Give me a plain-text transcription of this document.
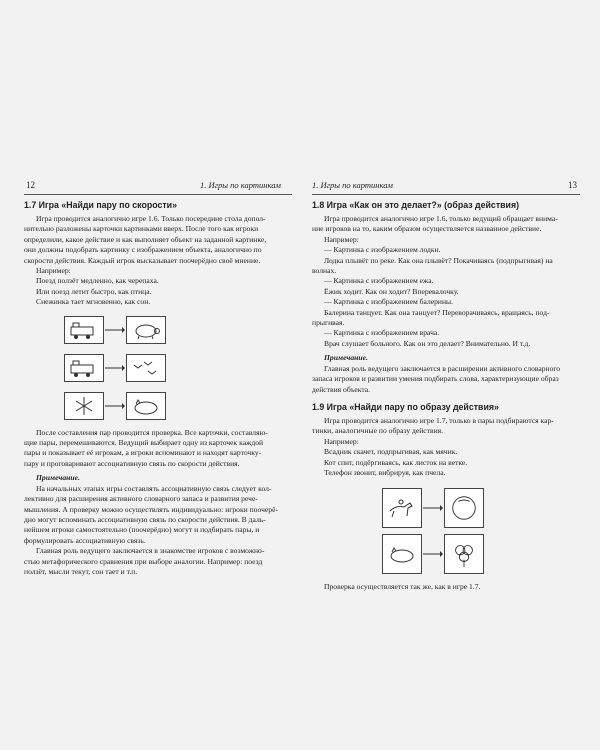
12	1. Игры по картинкам	1. Игры по картинкам	13
1.7 Игра «Найди пару по скорости»

Игра проводится аналогично игре 1.6. Только посередине стола допол-

нительно разложены карточки картинками вверх. После того как игроки

определили, какое действие и как выполняет объект на заданной картинке,

они должны подобрать картинку с изображением объекта, аналогично по

скорости действия. Каждый игрок высказывает поочерёдно своё мнение.

Например:

Поезд ползёт медленно, как черепаха.

Или поезд летит быстро, как птица.

Снежинка тает мгновенно, как сон.

После составления пар проводится проверка. Все карточки, составляю-

щие пары, перемешиваются. Ведущий выбирает одну из карточек каждой

пары и показывает её игрокам, а игроки вспоминают и находят карточку-

пару и проговаривают ассоциативную связь по скорости действия.

Примечание.

На начальных этапах игры составлять ассоциативную связь следует кол-

лективно для расширения активного словарного запаса и развития рече-

мышления. А проверку можно осуществлять индивидуально: игроки поочерё-

дно могут вспоминать ассоциативную связь по скорости действия. В даль-

нейшем игроки самостоятельно (поочерёдно) могут и подбирать пары, и

формулировать ассоциативную связь.

Главная роль ведущего заключается в знакомстве игроков с возможно-

стью метафорического сравнения при выборе аналогии. Например: поезд

ползёт, мысли текут, сон тает и т.п.

1.8 Игра «Как он это делает?» (образ действия)

Игра проводится аналогично игре 1.6, только ведущий обращает внима-

ние игроков на то, каким образом осуществляется названное действие.

Например:

— Картинка с изображением лодки.

Лодка плывёт по реке. Как она плывёт? Покачиваясь (подпрыгивая) на

волнах.

— Картинка с изображением ежа.

Ёжик ходит. Как он ходит? Вперевалочку.

— Картинка с изображением балерины.

Балерина танцует. Как она танцует? Переворачиваясь, вращаясь, под-

прыгивая.

— Картинка с изображением врача.

Врач слушает больного. Как он это делает? Внимательно. И т.д.

Примечание.

Главная роль ведущего заключается в расширении активного словарного

запаса игроков и развитии умения подбирать слова, характеризующие образ

действия объекта.

1.9 Игра «Найди пару по образу действия»

Игра проводится аналогично игре 1.7, только в пары подбираются кар-

тинки, аналогичные по образу действия.

Например:

Всадник скачет, подпрыгивая, как мячик.

Кот спит, подёргиваясь, как листок на ветке.

Телефон звонит, вибрируя, как пчела.

Проверка осуществляется так же, как в игре 1.7.
